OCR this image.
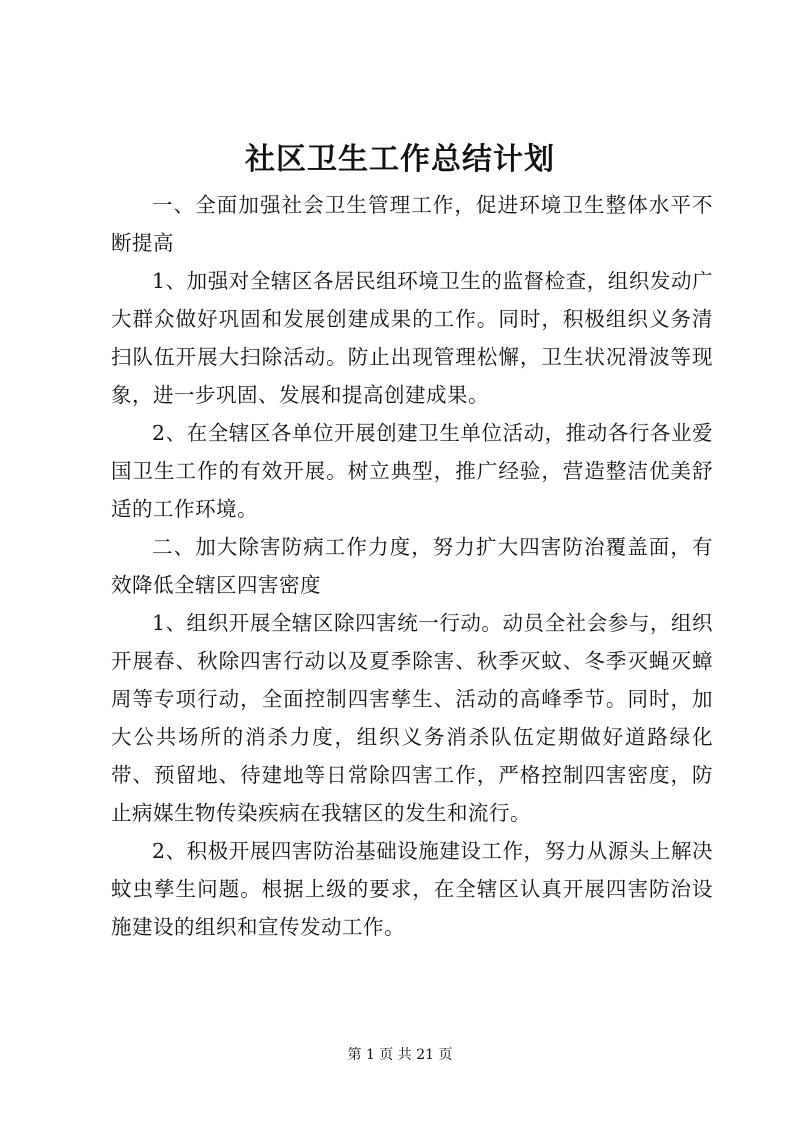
社区卫生工作总结计划

一、全面加强社会卫生管理工作，促进环境卫生整体水平不断提高

1、加强对全辖区各居民组环境卫生的监督检查，组织发动广大群众做好巩固和发展创建成果的工作。同时，积极组织义务清扫队伍开展大扫除活动。防止出现管理松懈，卫生状况滑波等现象，进一步巩固、发展和提高创建成果。

2、在全辖区各单位开展创建卫生单位活动，推动各行各业爱国卫生工作的有效开展。树立典型，推广经验，营造整洁优美舒适的工作环境。

二、加大除害防病工作力度，努力扩大四害防治覆盖面，有效降低全辖区四害密度

1、组织开展全辖区除四害统一行动。动员全社会参与，组织开展春、秋除四害行动以及夏季除害、秋季灭蚊、冬季灭蝇灭蟑周等专项行动，全面控制四害孳生、活动的高峰季节。同时，加大公共场所的消杀力度，组织义务消杀队伍定期做好道路绿化带、预留地、待建地等日常除四害工作，严格控制四害密度，防止病媒生物传染疾病在我辖区的发生和流行。

2、积极开展四害防治基础设施建设工作，努力从源头上解决蚊虫孳生问题。根据上级的要求，在全辖区认真开展四害防治设施建设的组织和宣传发动工作。

第 1 页 共 21 页
